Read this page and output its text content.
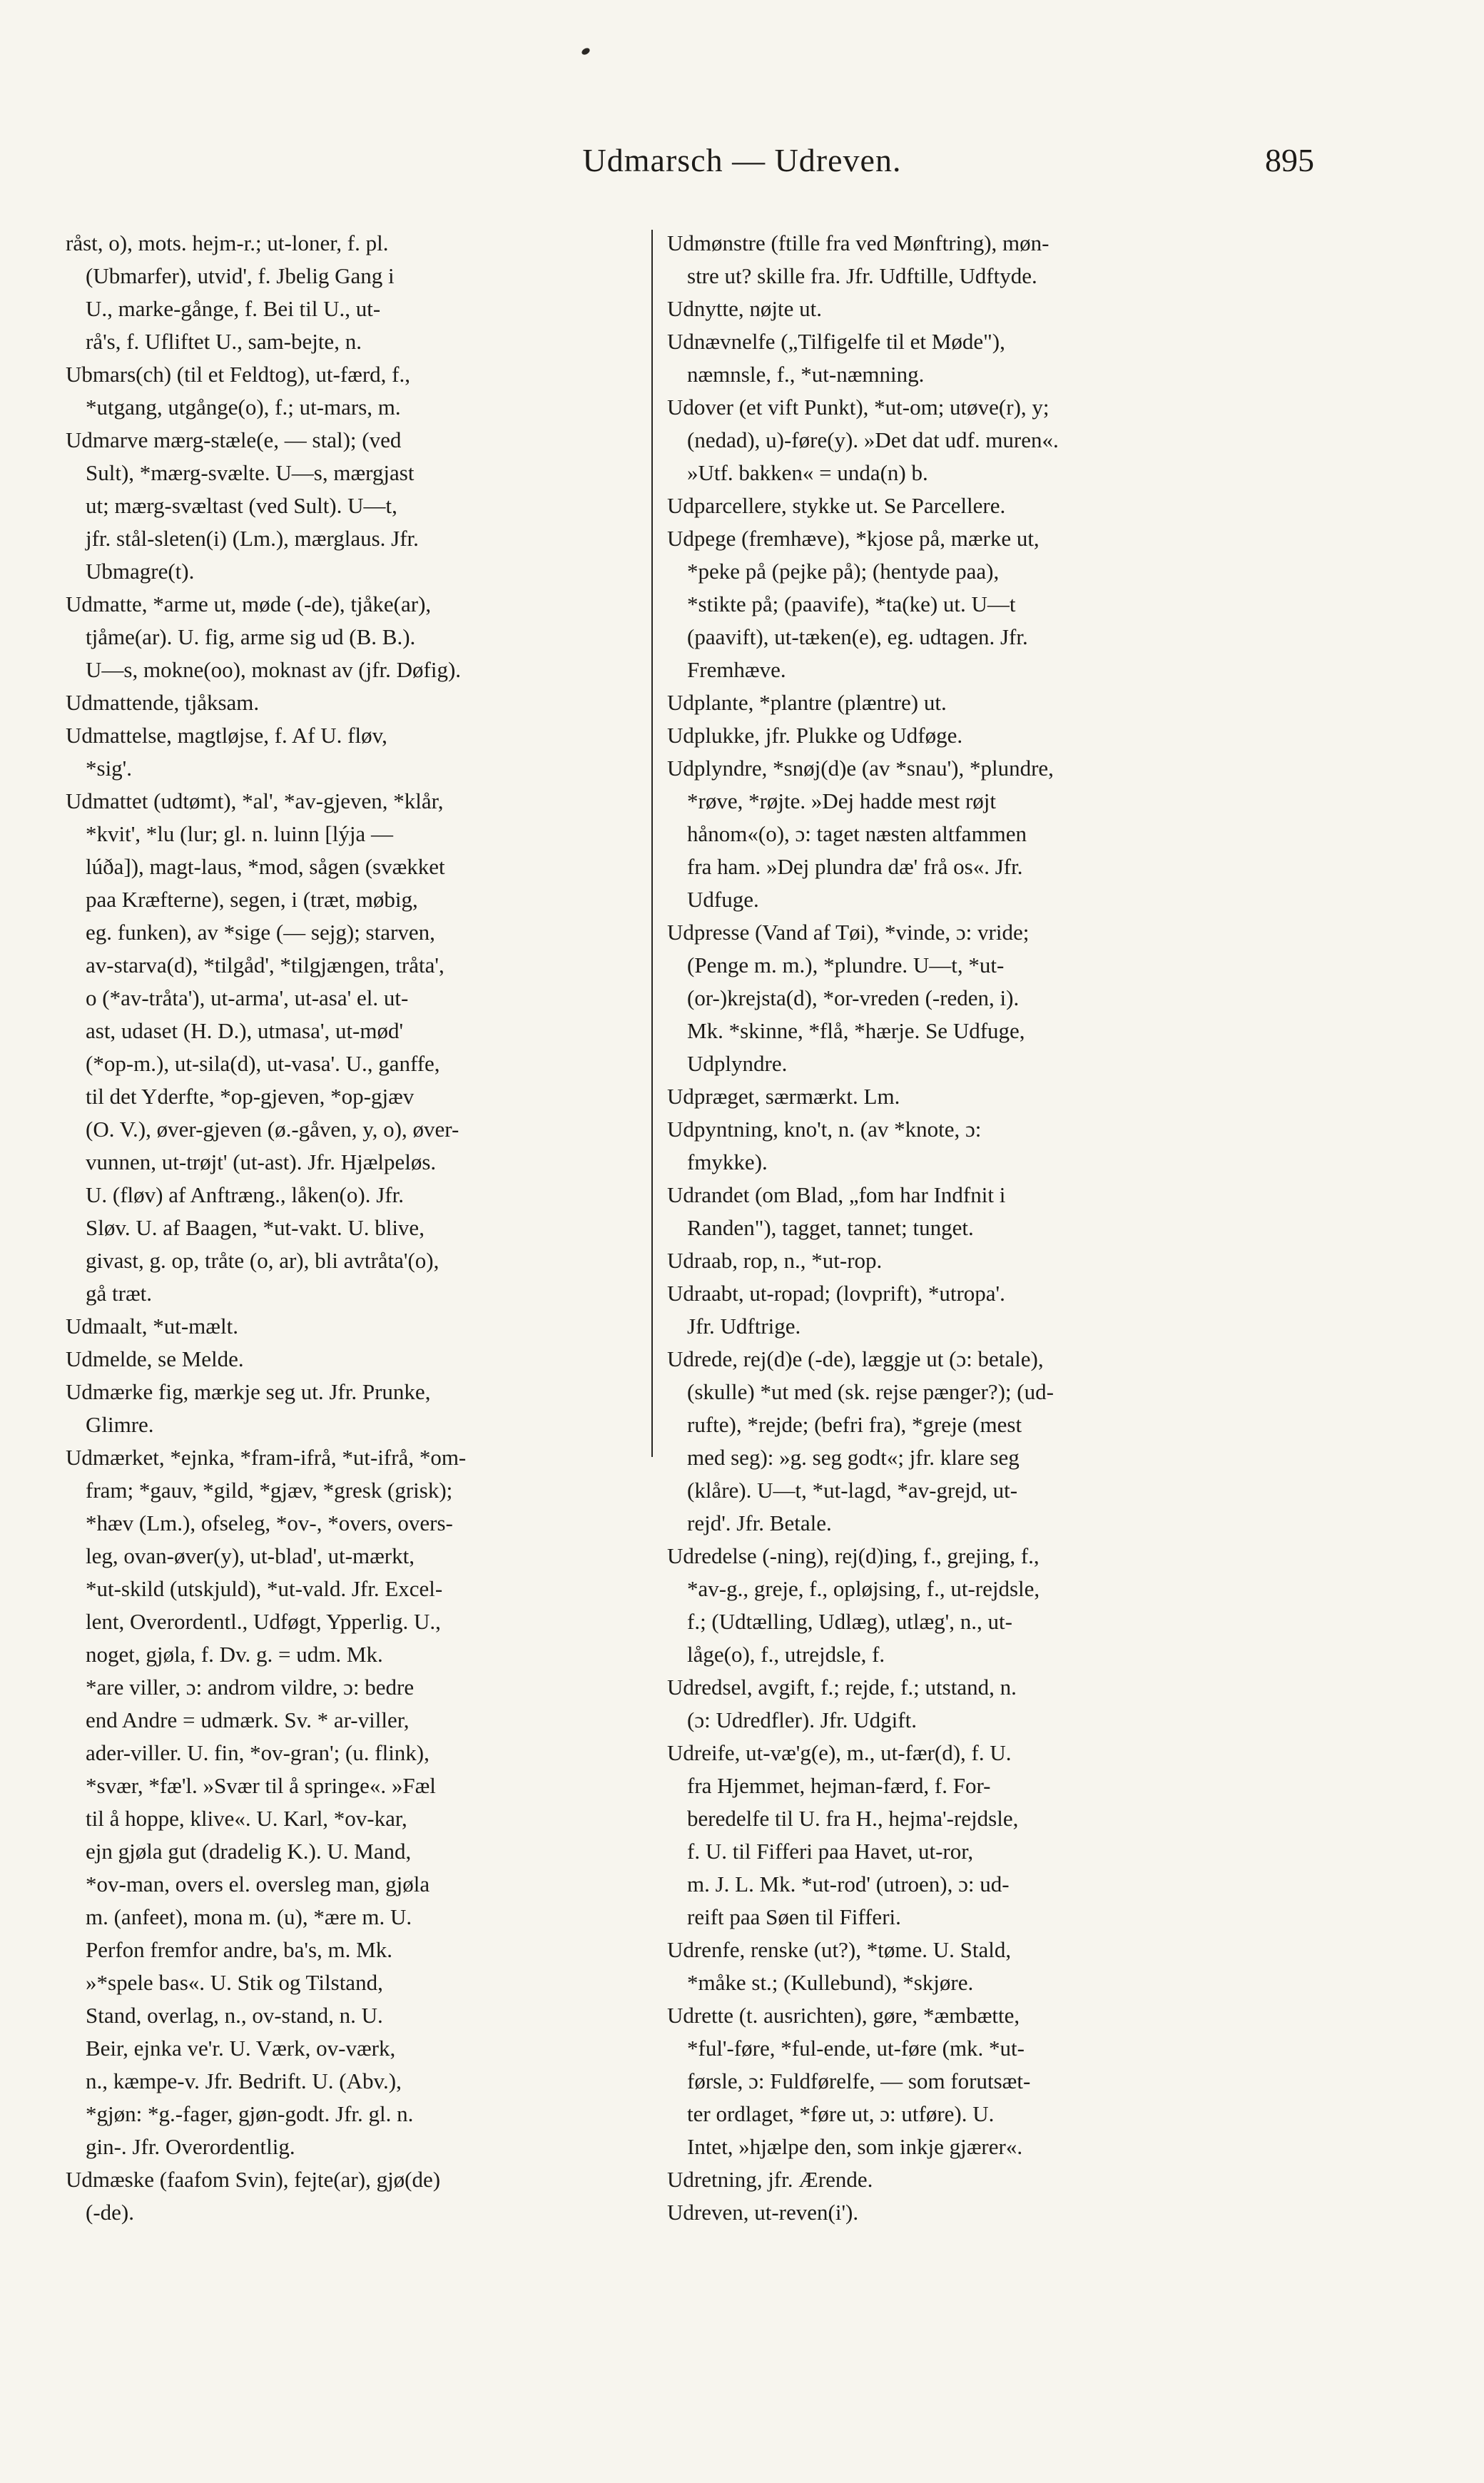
Udmarsch — Udreven.	895
råst, o), mots. hejm-r.; ut-loner, f. pl.
(Ubmarfer), utvid', f. Jbelig Gang i
U., marke-gånge, f. Bei til U., ut-
rå's, f. Ufliftet U., sam-bejte, n.
Ubmars(ch) (til et Feldtog), ut-færd, f.,
*utgang, utgånge(o), f.; ut-mars, m.
Udmarve mærg-stæle(e, — stal); (ved
Sult), *mærg-svælte. U—s, mærgjast
ut; mærg-svæltast (ved Sult). U—t,
jfr. stål-sleten(i) (Lm.), mærglaus. Jfr.
Ubmagre(t).
Udmatte, *arme ut, møde (-de), tjåke(ar),
tjåme(ar). U. fig, arme sig ud (B. B.).
U—s, mokne(oo), moknast av (jfr. Døfig).
Udmattende, tjåksam.
Udmattelse, magtløjse, f. Af U. fløv,
*sig'.
Udmattet (udtømt), *al', *av-gjeven, *klår,
*kvit', *lu (lur; gl. n. luinn [lýja —
lúða]), magt-laus, *mod, sågen (svækket
paa Kræfterne), segen, i (træt, møbig,
eg. funken), av *sige (— sejg); starven,
av-starva(d), *tilgåd', *tilgjængen, tråta',
o (*av-tråta'), ut-arma', ut-asa' el. ut-
ast, udaset (H. D.), utmasa', ut-mød'
(*op-m.), ut-sila(d), ut-vasa'. U., ganffe,
til det Yderfte, *op-gjeven, *op-gjæv
(O. V.), øver-gjeven (ø.-gåven, y, o), øver-
vunnen, ut-trøjt' (ut-ast). Jfr. Hjælpeløs.
U. (fløv) af Anftræng., låken(o). Jfr.
Sløv. U. af Baagen, *ut-vakt. U. blive,
givast, g. op, tråte (o, ar), bli avtråta'(o),
gå træt.
Udmaalt, *ut-mælt.
Udmelde, se Melde.
Udmærke fig, mærkje seg ut. Jfr. Prunke,
Glimre.
Udmærket, *ejnka, *fram-ifrå, *ut-ifrå, *om-
fram; *gauv, *gild, *gjæv, *gresk (grisk);
*hæv (Lm.), ofseleg, *ov-, *overs, overs-
leg, ovan-øver(y), ut-blad', ut-mærkt,
*ut-skild (utskjuld), *ut-vald. Jfr. Excel-
lent, Overordentl., Udføgt, Ypperlig. U.,
noget, gjøla, f. Dv. g. = udm. Mk.
*are viller, ɔ: androm vildre, ɔ: bedre
end Andre = udmærk. Sv. * ar-viller,
ader-viller. U. fin, *ov-gran'; (u. flink),
*svær, *fæ'l. »Svær til å springe«. »Fæl
til å hoppe, klive«. U. Karl, *ov-kar,
ejn gjøla gut (dradelig K.). U. Mand,
*ov-man, overs el. oversleg man, gjøla
m. (anfeet), mona m. (u), *ære m. U.
Perfon fremfor andre, ba's, m. Mk.
»*spele bas«. U. Stik og Tilstand,
Stand, overlag, n., ov-stand, n. U.
Beir, ejnka ve'r. U. Værk, ov-værk,
n., kæmpe-v. Jfr. Bedrift. U. (Abv.),
*gjøn: *g.-fager, gjøn-godt. Jfr. gl. n.
gin-. Jfr. Overordentlig.
Udmæske (faafom Svin), fejte(ar), gjø(de)
(-de).
Udmønstre (ftille fra ved Mønftring), møn-
stre ut? skille fra. Jfr. Udftille, Udftyde.
Udnytte, nøjte ut.
Udnævnelfe („Tilfigelfe til et Møde"),
næmnsle, f., *ut-næmning.
Udover (et vift Punkt), *ut-om; utøve(r), y;
(nedad), u)-føre(y). »Det dat udf. muren«.
»Utf. bakken« = unda(n) b.
Udparcellere, stykke ut. Se Parcellere.
Udpege (fremhæve), *kjose på, mærke ut,
*peke på (pejke på); (hentyde paa),
*stikte på; (paavife), *ta(ke) ut. U—t
(paavift), ut-tæken(e), eg. udtagen. Jfr.
Fremhæve.
Udplante, *plantre (plæntre) ut.
Udplukke, jfr. Plukke og Udføge.
Udplyndre, *snøj(d)e (av *snau'), *plundre,
*røve, *røjte. »Dej hadde mest røjt
hånom«(o), ɔ: taget næsten altfammen
fra ham. »Dej plundra dæ' frå os«. Jfr.
Udfuge.
Udpresse (Vand af Tøi), *vinde, ɔ: vride;
(Penge m. m.), *plundre. U—t, *ut-
(or-)krejsta(d), *or-vreden (-reden, i).
Mk. *skinne, *flå, *hærje. Se Udfuge,
Udplyndre.
Udpræget, særmærkt. Lm.
Udpyntning, kno't, n. (av *knote, ɔ:
fmykke).
Udrandet (om Blad, „fom har Indfnit i
Randen"), tagget, tannet; tunget.
Udraab, rop, n., *ut-rop.
Udraabt, ut-ropad; (lovprift), *utropa'.
Jfr. Udftrige.
Udrede, rej(d)e (-de), læggje ut (ɔ: betale),
(skulle) *ut med (sk. rejse pænger?); (ud-
rufte), *rejde; (befri fra), *greje (mest
med seg): »g. seg godt«; jfr. klare seg
(klåre). U—t, *ut-lagd, *av-grejd, ut-
rejd'. Jfr. Betale.
Udredelse (-ning), rej(d)ing, f., grejing, f.,
*av-g., greje, f., opløjsing, f., ut-rejdsle,
f.; (Udtælling, Udlæg), utlæg', n., ut-
låge(o), f., utrejdsle, f.
Udredsel, avgift, f.; rejde, f.; utstand, n.
(ɔ: Udredfler). Jfr. Udgift.
Udreife, ut-væ'g(e), m., ut-fær(d), f. U.
fra Hjemmet, hejman-færd, f. For-
beredelfe til U. fra H., hejma'-rejdsle,
f. U. til Fifferi paa Havet, ut-ror,
m. J. L. Mk. *ut-rod' (utroen), ɔ: ud-
reift paa Søen til Fifferi.
Udrenfe, renske (ut?), *tøme. U. Stald,
*måke st.; (Kullebund), *skjøre.
Udrette (t. ausrichten), gøre, *æmbætte,
*ful'-føre, *ful-ende, ut-føre (mk. *ut-
førsle, ɔ: Fuldførelfe, — som forutsæt-
ter ordlaget, *føre ut, ɔ: utføre). U.
Intet, »hjælpe den, som inkje gjærer«.
Udretning, jfr. Ærende.
Udreven, ut-reven(i').
